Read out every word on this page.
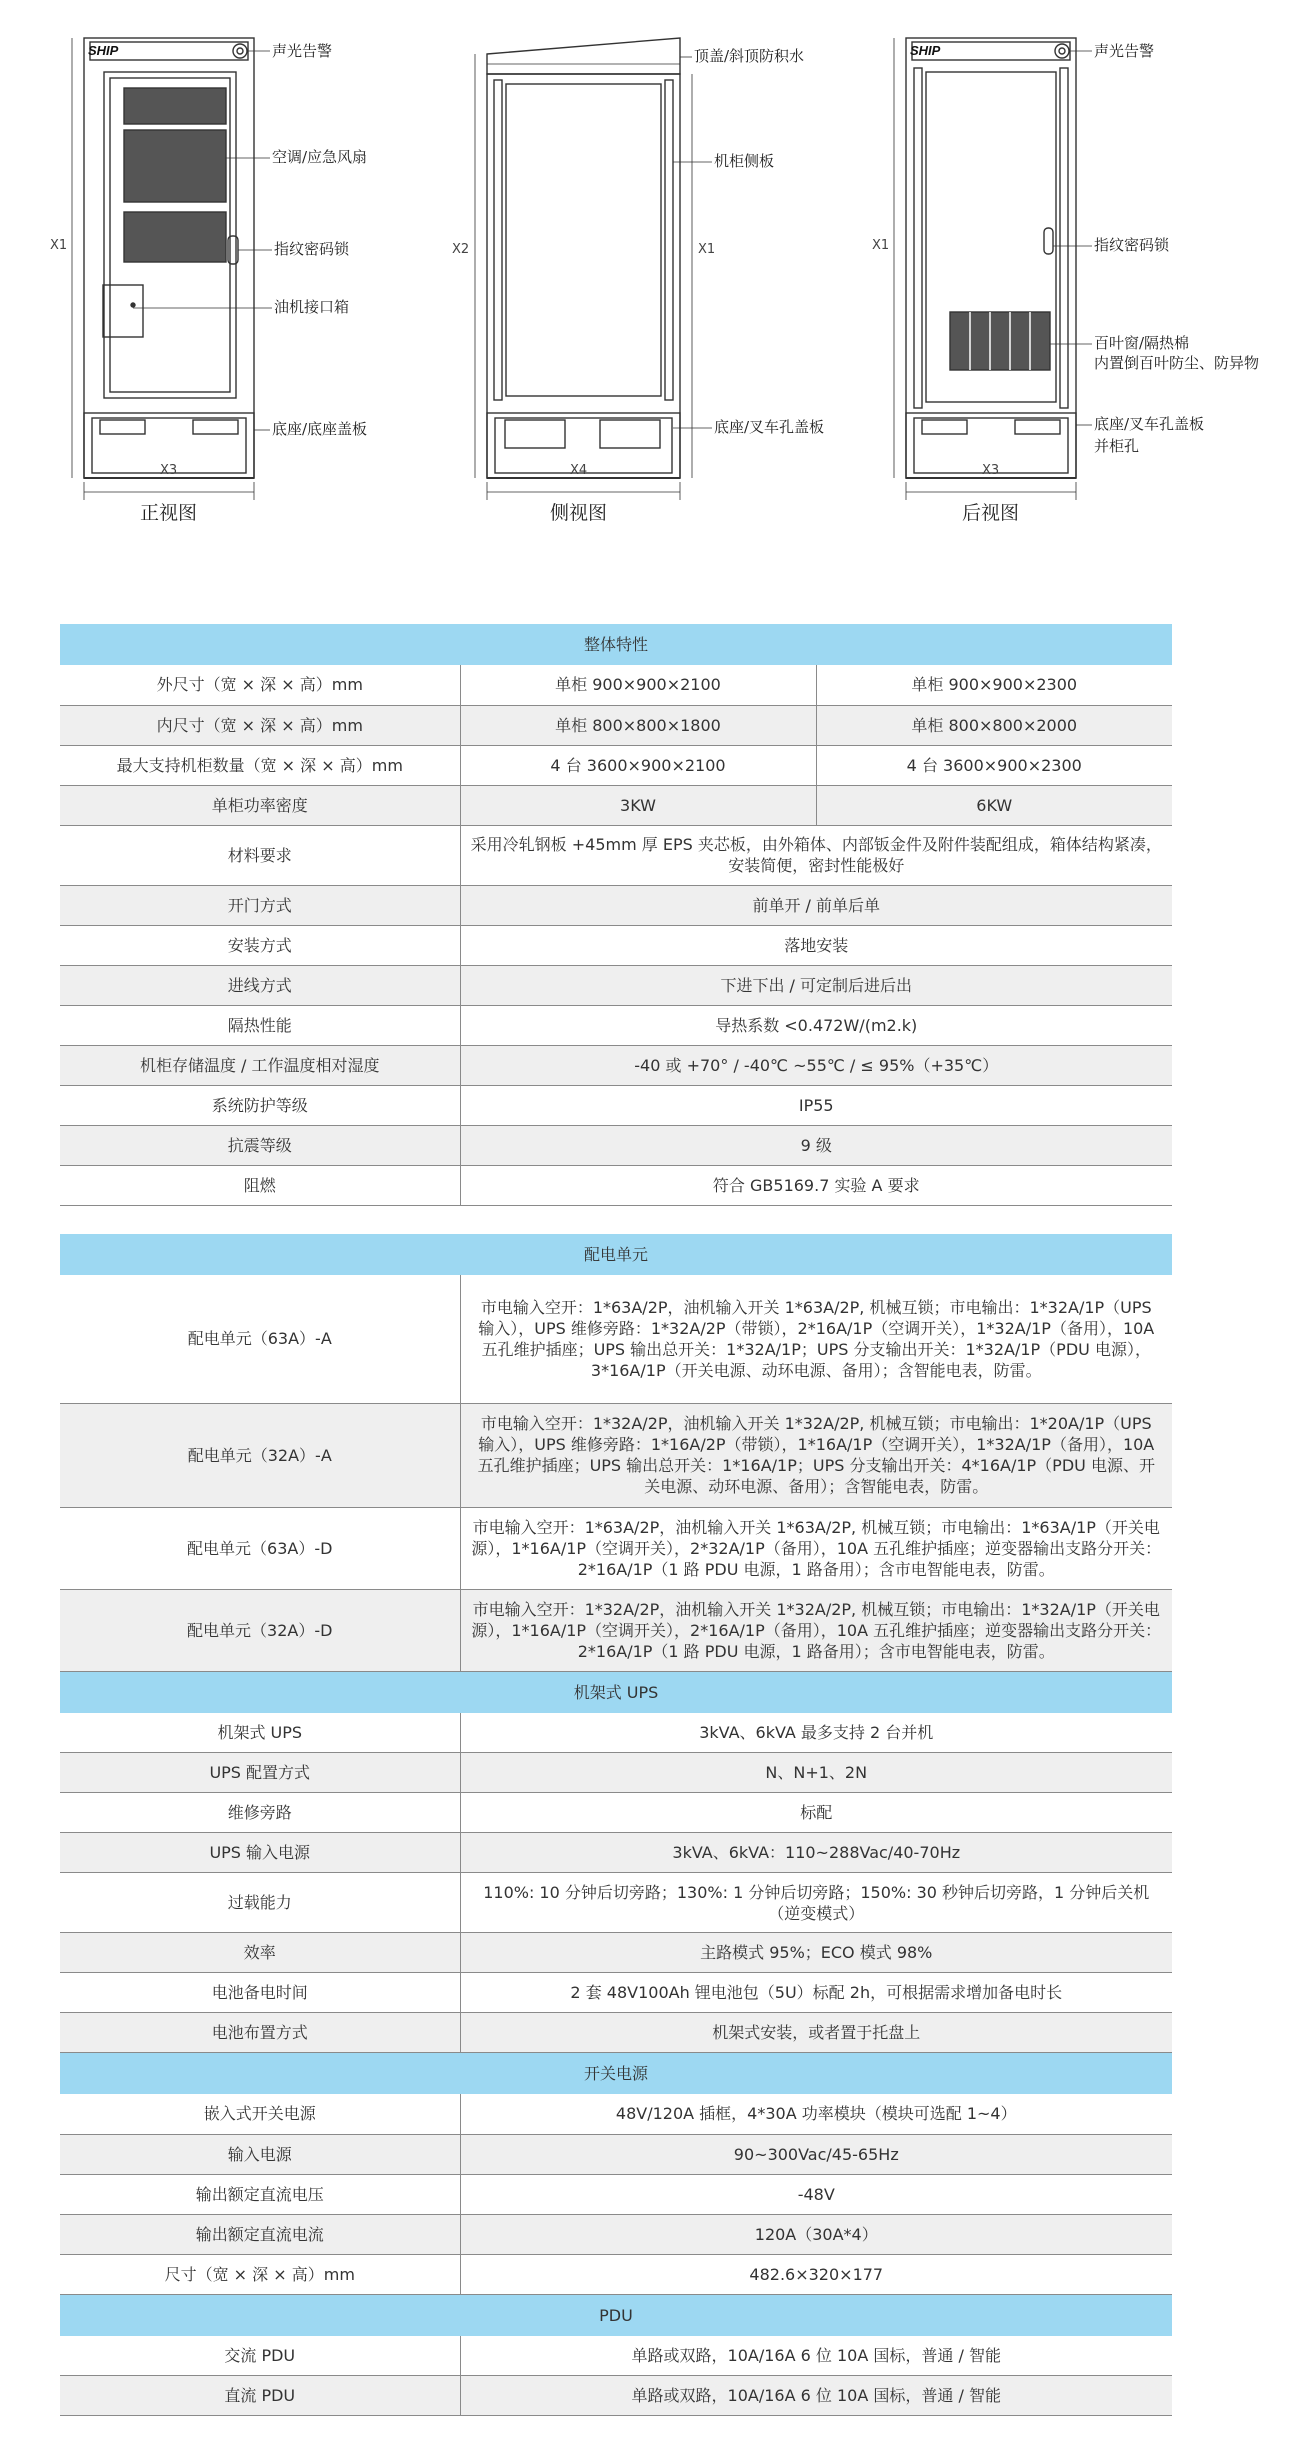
SHIP	声光告警
空调/应急风扇
指纹密码锁
油机接口箱
底座/底座盖板
X1
X3
正视图
顶盖/斜顶防积水
机柜侧板
底座/叉车孔盖板
X2	X1
X4
侧视图
SHIP	声光告警
指纹密码锁
百叶窗/隔热棉
内置倒百叶防尘、防异物
底座/叉车孔盖板
并柜孔
X1
X3
后视图
整体特性		
外尺寸（宽 × 深 × 高）mm	单柜 900×900×2100	单柜 900×900×2300
内尺寸（宽 × 深 × 高）mm	单柜 800×800×1800	单柜 800×800×2000
最大支持机柜数量（宽 × 深 × 高）mm	4 台 3600×900×2100	4 台 3600×900×2300
单柜功率密度	3KW	6KW
材料要求	采用冷轧钢板 +45mm 厚 EPS 夹芯板，由外箱体、内部钣金件及附件装配组成，箱体结构紧凑，安装简便，密封性能极好	
开门方式	前单开 / 前单后单	
安装方式	落地安装	
进线方式	下进下出 / 可定制后进后出	
隔热性能	导热系数 <0.472W/(m2.k)	
机柜存储温度 / 工作温度相对湿度	-40 或 +70° / -40℃ ~55℃ / ≤ 95%（+35℃）	
系统防护等级	IP55	
抗震等级	9 级	
阻燃	符合 GB5169.7 实验 A 要求	
配电单元	
配电单元（63A）-A	市电输入空开：1*63A/2P，油机输入开关 1*63A/2P, 机械互锁；市电输出：1*32A/1P（UPS 输入），UPS 维修旁路：1*32A/2P（带锁），2*16A/1P（空调开关），1*32A/1P（备用），10A 五孔维护插座；UPS 输出总开关：1*32A/1P；UPS 分支输出开关：1*32A/1P（PDU 电源），3*16A/1P（开关电源、动环电源、备用）；含智能电表，防雷。
配电单元（32A）-A	市电输入空开：1*32A/2P，油机输入开关 1*32A/2P, 机械互锁；市电输出：1*20A/1P（UPS 输入），UPS 维修旁路：1*16A/2P（带锁），1*16A/1P（空调开关），1*32A/1P（备用），10A 五孔维护插座；UPS 输出总开关：1*16A/1P；UPS 分支输出开关：4*16A/1P（PDU 电源、开关电源、动环电源、备用）；含智能电表，防雷。
配电单元（63A）-D	市电输入空开：1*63A/2P，油机输入开关 1*63A/2P, 机械互锁；市电输出：1*63A/1P（开关电源），1*16A/1P（空调开关），2*32A/1P（备用），10A 五孔维护插座；逆变器输出支路分开关：2*16A/1P（1 路 PDU 电源，1 路备用）；含市电智能电表，防雷。
配电单元（32A）-D	市电输入空开：1*32A/2P，油机输入开关 1*32A/2P, 机械互锁；市电输出：1*32A/1P（开关电源），1*16A/1P（空调开关），2*16A/1P（备用），10A 五孔维护插座；逆变器输出支路分开关：2*16A/1P（1 路 PDU 电源，1 路备用）；含市电智能电表，防雷。
机架式 UPS	
机架式 UPS	3kVA、6kVA 最多支持 2 台并机
UPS 配置方式	N、N+1、2N
维修旁路	标配
UPS 输入电源	3kVA、6kVA：110~288Vac/40-70Hz
过载能力	110%: 10 分钟后切旁路；130%: 1 分钟后切旁路；150%: 30 秒钟后切旁路，1 分钟后关机（逆变模式）
效率	主路模式 95%；ECO 模式 98%
电池备电时间	2 套 48V100Ah 锂电池包（5U）标配 2h，可根据需求增加备电时长
电池布置方式	机架式安装，或者置于托盘上
开关电源	
嵌入式开关电源	48V/120A 插框，4*30A 功率模块（模块可选配 1~4）
输入电源	90~300Vac/45-65Hz
输出额定直流电压	-48V
输出额定直流电流	120A（30A*4）
尺寸（宽 × 深 × 高）mm	482.6×320×177
PDU	
交流 PDU	单路或双路，10A/16A 6 位 10A 国标，普通 / 智能
直流 PDU	单路或双路，10A/16A 6 位 10A 国标，普通 / 智能
